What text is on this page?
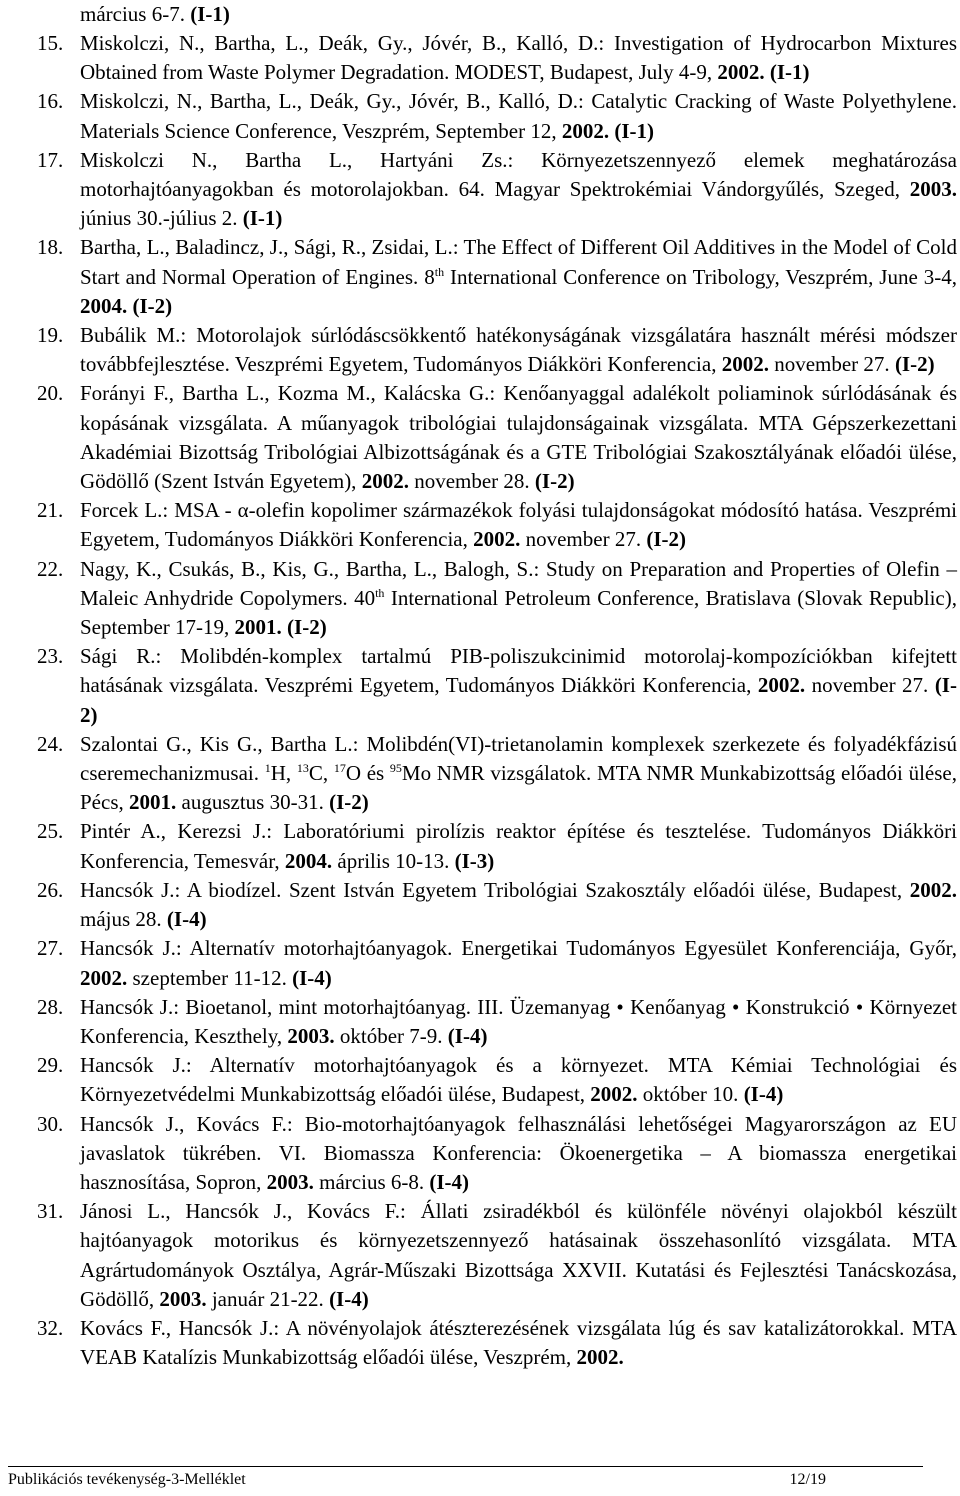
március 6-7. (I-1)
15. Miskolczi, N., Bartha, L., Deák, Gy., Jóvér, B., Kalló, D.: Investigation of Hydrocarbon Mixtures Obtained from Waste Polymer Degradation. MODEST, Budapest, July 4-9, 2002. (I-1)
16. Miskolczi, N., Bartha, L., Deák, Gy., Jóvér, B., Kalló, D.: Catalytic Cracking of Waste Polyethylene. Materials Science Conference, Veszprém, September 12, 2002. (I-1)
17. Miskolczi N., Bartha L., Hartyáni Zs.: Környezetszennyező elemek meghatározása motorhajtóanyagokban és motorolajokban. 64. Magyar Spektrokémiai Vándorgyűlés, Szeged, 2003. június 30.-július 2. (I-1)
18. Bartha, L., Baladincz, J., Sági, R., Zsidai, L.: The Effect of Different Oil Additives in the Model of Cold Start and Normal Operation of Engines. 8th International Conference on Tribology, Veszprém, June 3-4, 2004. (I-2)
19. Bubálik M.: Motorolajok súrlódáscsökkentő hatékonyságának vizsgálatára használt mérési módszer továbbfejlesztése. Veszprémi Egyetem, Tudományos Diákköri Konferencia, 2002. november 27. (I-2)
20. Forányi F., Bartha L., Kozma M., Kalácska G.: Kenőanyaggal adalékolt poliaminok súrlódásának és kopásának vizsgálata. A műanyagok tribológiai tulajdonságainak vizsgálata. MTA Gépszerkezettani Akadémiai Bizottság Tribológiai Albizottságának és a GTE Tribológiai Szakosztályának előadói ülése, Gödöllő (Szent István Egyetem), 2002. november 28. (I-2)
21. Forcek L.: MSA - α-olefin kopolimer származékok folyási tulajdonságokat módosító hatása. Veszprémi Egyetem, Tudományos Diákköri Konferencia, 2002. november 27. (I-2)
22. Nagy, K., Csukás, B., Kis, G., Bartha, L., Balogh, S.: Study on Preparation and Properties of Olefin – Maleic Anhydride Copolymers. 40th International Petroleum Conference, Bratislava (Slovak Republic), September 17-19, 2001. (I-2)
23. Sági R.: Molibdén-komplex tartalmú PIB-poliszukcinimid motorolaj-kompozíciókban kifejtett hatásának vizsgálata. Veszprémi Egyetem, Tudományos Diákköri Konferencia, 2002. november 27. (I-2)
24. Szalontai G., Kis G., Bartha L.: Molibdén(VI)-trietanolamin komplexek szerkezete és folyadékfázisú cseremechanizmusai. $^1$H, $^{13}$C, $^{17}$O és $^{95}$Mo NMR vizsgálatok. MTA NMR Munkabizottság előadói ülése, Pécs, 2001. augusztus 30-31. (I-2)
25. Pintér A., Kerezsi J.: Laboratóriumi pirolízis reaktor építése és tesztelése. Tudományos Diákköri Konferencia, Temesvár, 2004. április 10-13. (I-3)
26. Hancsók J.: A biodízel. Szent István Egyetem Tribológiai Szakosztály előadói ülése, Budapest, 2002. május 28. (I-4)
27. Hancsók J.: Alternatív motorhajtóanyagok. Energetikai Tudományos Egyesület Konferenciája, Győr, 2002. szeptember 11-12. (I-4)
28. Hancsók J.: Bioetanol, mint motorhajtóanyag. III. Üzemanyag • Kenőanyag • Konstrukció • Környezet Konferencia, Keszthely, 2003. október 7-9. (I-4)
29. Hancsók J.: Alternatív motorhajtóanyagok és a környezet. MTA Kémiai Technológiai és Környezetvédelmi Munkabizottság előadói ülése, Budapest, 2002. október 10. (I-4)
30. Hancsók J., Kovács F.: Bio-motorhajtóanyagok felhasználási lehetőségei Magyarországon az EU javaslatok tükrében. VI. Biomassza Konferencia: Ökoenergetika – A biomassza energetikai hasznosítása, Sopron, 2003. március 6-8. (I-4)
31. Jánosi L., Hancsók J., Kovács F.: Állati zsiradékból és különféle növényi olajokból készült hajtóanyagok motorikus és környezetszennyező hatásainak összehasonlító vizsgálata. MTA Agrártudományok Osztálya, Agrár-Műszaki Bizottsága XXVII. Kutatási és Fejlesztési Tanácskozása, Gödöllő, 2003. január 21-22. (I-4)
32. Kovács F., Hancsók J.: A növényolajok átészterezésének vizsgálata lúg és sav katalizátorokkal. MTA VEAB Katalízis Munkabizottság előadói ülése, Veszprém, 2002.
Publikációs tevékenység-3-Melléklet	12/19
